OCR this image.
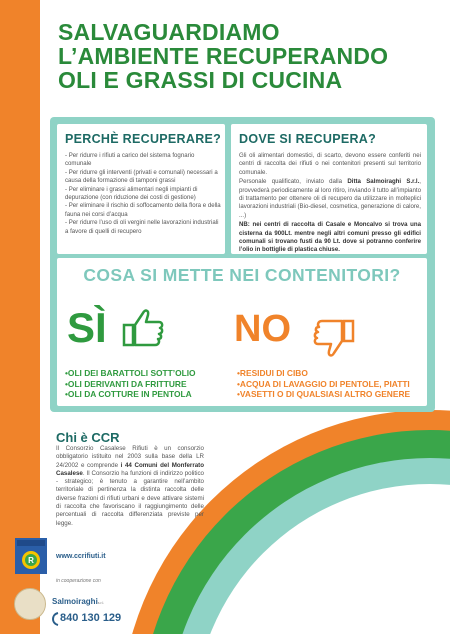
SALVAGUARDIAMO
L’AMBIENTE RECUPERANDO
OLI E GRASSI DI CUCINA
PERCHÈ RECUPERARE?
- Per ridurre i rifiuti a carico del sistema fognario comunale
- Per ridurre gli interventi (privati e comunali) necessari a causa della formazione di tamponi grassi
- Per eliminare i grassi alimentari negli impianti di depurazione (con riduzione dei costi di gestione)
- Per eliminare il rischio di soffocamento della flora e della fauna nei corsi d’acqua
- Per ridurre l’uso di oli vergini nelle lavorazioni industriali a favore di quelli di recupero
DOVE SI RECUPERA?

Gli oli alimentari domestici, di scarto, devono essere conferiti nei centri di raccolta dei rifiuti o nei contenitori presenti sul territorio comunale.

Personale qualificato, inviato dalla Ditta Salmoiraghi S.r.l., provvederà periodicamente al loro ritiro, inviando il tutto all’impianto di trattamento per ottenere oli di recupero da utilizzare in molteplici lavorazioni industriali (Bio-diesel, cosmetica, generazione di calore, ...)

NB: nei centri di raccolta di Casale e Moncalvo si trova una cisterna da 900Lt. mentre negli altri comuni presso gli edifici comunali si trovano fusti da 90 Lt. dove si potranno conferire l’olio in bottiglie di plastica chiuse.

COSA SI METTE NEI CONTENITORI?
SÌ	NO
•OLI DEI BARATTOLI SOTT’OLIO
•OLI DERIVANTI DA FRITTURE
•OLI DA COTTURE IN PENTOLA
•RESIDUI DI CIBO
•ACQUA DI LAVAGGIO DI PENTOLE, PIATTI
•VASETTI O DI QUALSIASI ALTRO GENERE
Chi è CCR
Il Consorzio Casalese Rifiuti è un consorzio obbligatorio istituito nel 2003 sulla base della LR 24/2002 e comprende i 44 Comuni del Monferrato Casalese. Il Consorzio ha funzioni di indirizzo politico - strategico; è tenuto a garantire nell’ambito territoriale di pertinenza la distinta raccolta delle diverse frazioni di rifiuti urbani e deve attivare sistemi di raccolta che favoriscano il raggiungimento delle percentuali di raccolta differenziata previste per legge.
R	www.ccrifiuti.it
in cooperazione con
Salmoiraghis.r.l.
840 130 129
